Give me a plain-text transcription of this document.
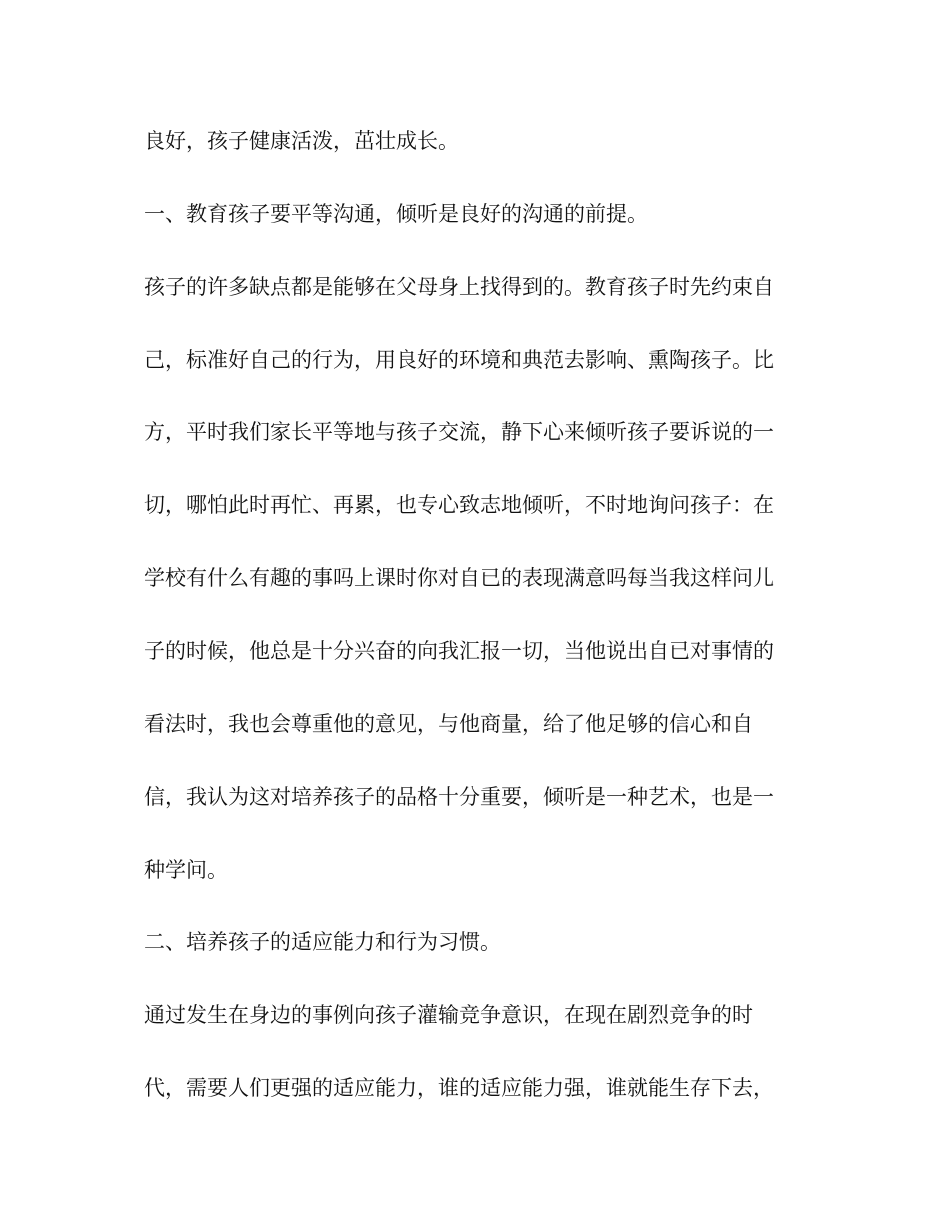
良好，孩子健康活泼，茁壮成长。
一、教育孩子要平等沟通，倾听是良好的沟通的前提。
孩子的许多缺点都是能够在父母身上找得到的。教育孩子时先约束自
己，标准好自己的行为，用良好的环境和典范去影响、熏陶孩子。比
方，平时我们家长平等地与孩子交流，静下心来倾听孩子要诉说的一
切，哪怕此时再忙、再累，也专心致志地倾听，不时地询问孩子：在
学校有什么有趣的事吗上课时你对自已的表现满意吗每当我这样问儿
子的时候，他总是十分兴奋的向我汇报一切，当他说出自已对事情的
看法时，我也会尊重他的意见，与他商量，给了他足够的信心和自
信，我认为这对培养孩子的品格十分重要，倾听是一种艺术，也是一
种学问。
二、培养孩子的适应能力和行为习惯。
通过发生在身边的事例向孩子灌输竞争意识，在现在剧烈竞争的时
代，需要人们更强的适应能力，谁的适应能力强，谁就能生存下去，
